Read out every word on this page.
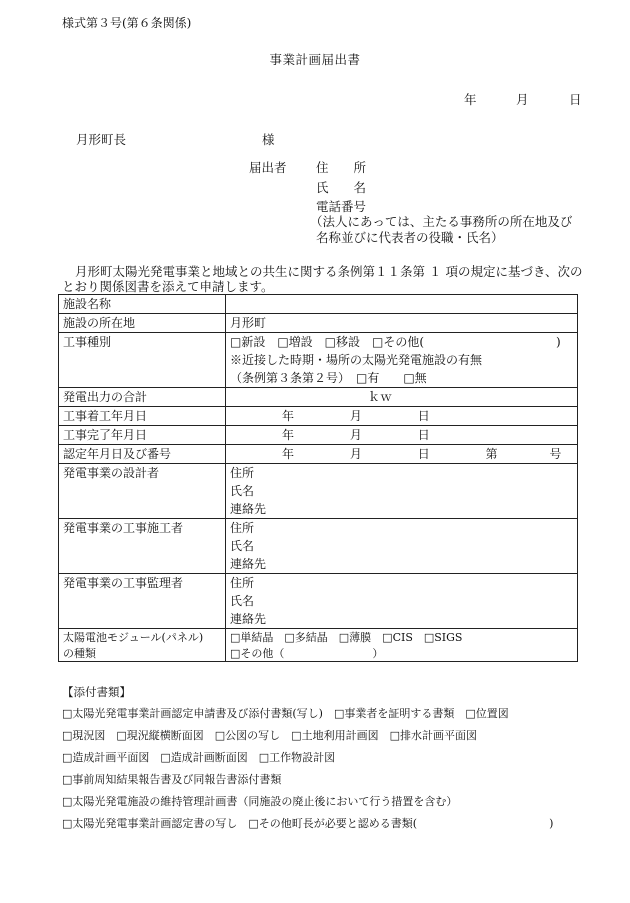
様式第３号(第６条関係)
事業計画届出書
年	月	日
月形町長	様
届出者 住　　所
氏　　名
電話番号
（法人にあっては、主たる事務所の所在地及び
名称並びに代表者の役職・氏名）
月形町太陽光発電事業と地域との共生に関する条例第１１条第 １ 項の規定に基づき、次のとおり関係図書を添えて申請します。
施設名称	
施設の所在地	月形町
工事種別	□新設　□増設　□移設　□その他(　　　　　　　　　　　)
※近接した時期・場所の太陽光発電施設の有無
（条例第３条第２号）　□有　　□無

発電出力の合計	ｋｗ
工事着工年月日	年 月 日
工事完了年月日	年 月 日
認定年月日及び番号	年 月 日 第 号
発電事業の設計者	住所
氏名
連絡先

発電事業の工事施工者	住所
氏名
連絡先

発電事業の工事監理者	住所
氏名
連絡先

太陽電池モジュール(パネル)
の種類	□単結晶　□多結晶　□薄膜　□CIS　□SIGS
□その他（　　　　　　　　）
【添付書類】
□太陽光発電事業計画認定申請書及び添付書類(写し)　□事業者を証明する書類　□位置図
□現況図　□現況縦横断面図　□公図の写し　□土地利用計画図　□排水計画平面図
□造成計画平面図　□造成計画断面図　□工作物設計図
□事前周知結果報告書及び同報告書添付書類
□太陽光発電施設の維持管理計画書（同施設の廃止後において行う措置を含む）
□太陽光発電事業計画認定書の写し　□その他町長が必要と認める書類(　　　　　　　　　　　　)
